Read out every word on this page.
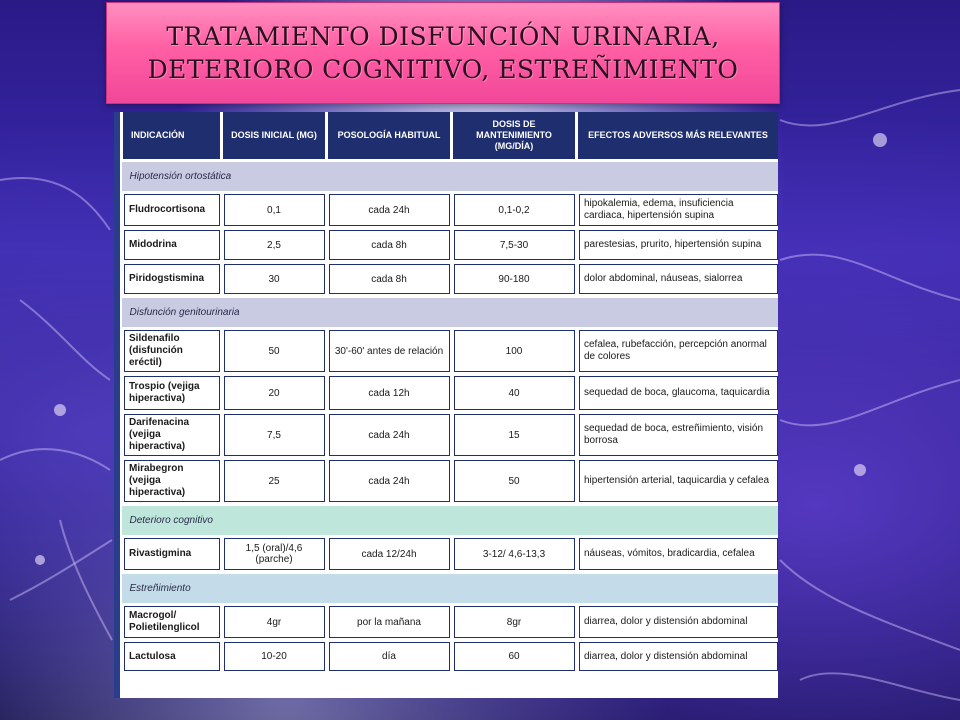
TRATAMIENTO DISFUNCIÓN URINARIA,
DETERIORO COGNITIVO, ESTREÑIMIENTO
INDICACIÓN	DOSIS INICIAL (MG)	POSOLOGÍA HABITUAL	DOSIS DE MANTENIMIENTO (MG/DÍA)	EFECTOS ADVERSOS MÁS RELEVANTES
Hipotensión ortostática				
Fludrocortisona	0,1	cada 24h	0,1-0,2	hipokalemia, edema, insuficiencia cardiaca, hipertensión supina
Midodrina	2,5	cada 8h	7,5-30	parestesias, prurito, hipertensión supina
Piridogstismina	30	cada 8h	90-180	dolor abdominal, náuseas, sialorrea
Disfunción genitourinaria				
Sildenafilo (disfunción eréctil)	50	30'-60' antes de relación	100	cefalea, rubefacción, percepción anormal de colores
Trospio (vejiga hiperactiva)	20	cada 12h	40	sequedad de boca, glaucoma, taquicardia
Darifenacina (vejiga hiperactiva)	7,5	cada 24h	15	sequedad de boca, estreñimiento, visión borrosa
Mirabegron (vejiga hiperactiva)	25	cada 24h	50	hipertensión arterial, taquicardia y cefalea
Deterioro cognitivo				
Rivastigmina	1,5 (oral)/4,6 (parche)	cada 12/24h	3-12/ 4,6-13,3	náuseas, vómitos, bradicardia, cefalea
Estreñimiento				
Macrogol/ Polietilenglicol	4gr	por la mañana	8gr	diarrea, dolor y distensión abdominal
Lactulosa	10-20	día	60	diarrea, dolor y distensión abdominal
